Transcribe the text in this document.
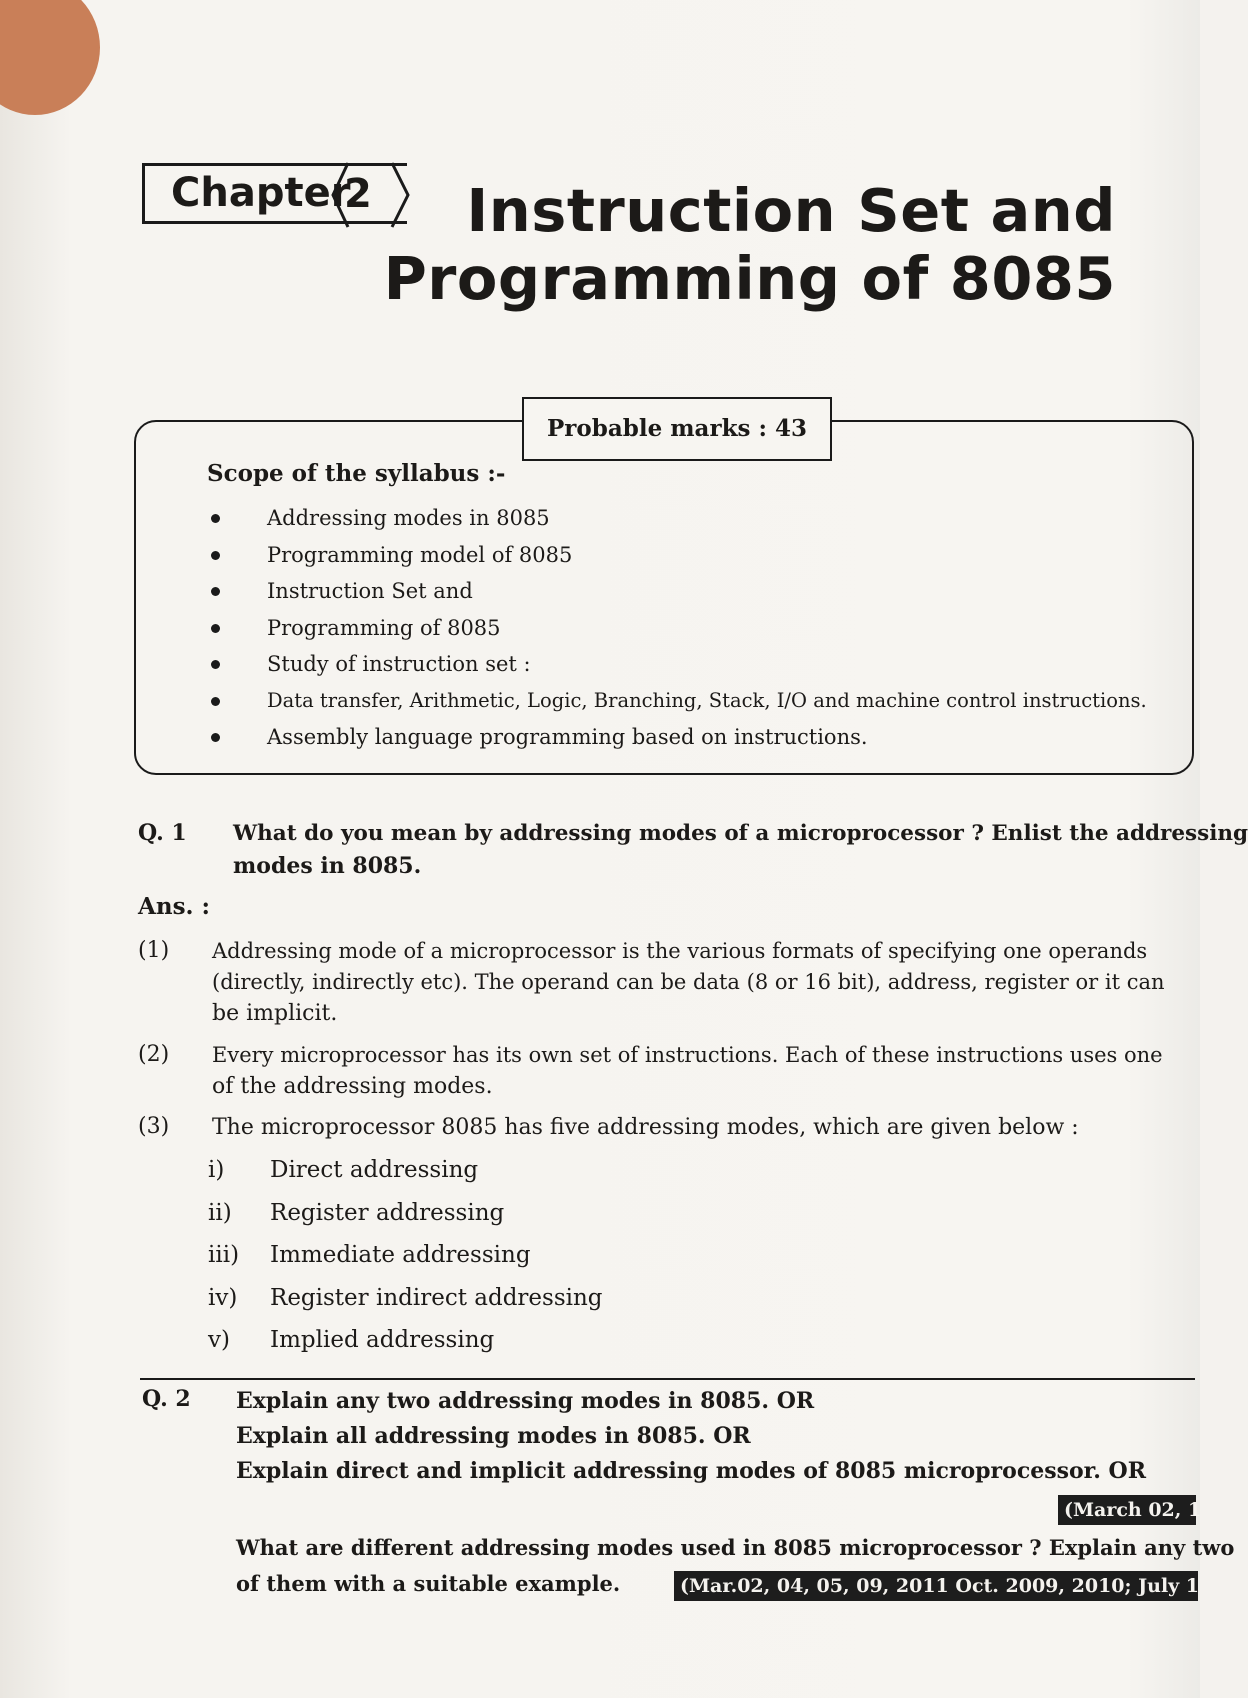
Chapter
2	Instruction Set and
Programming of 8085
Probable marks : 43
Scope of the syllabus :-
Addressing modes in 8085
Programming model of 8085
Instruction Set and
Programming of 8085
Study of instruction set :
Data transfer, Arithmetic, Logic, Branching, Stack, I/O and machine control instructions.
Assembly language programming based on instructions.
Q. 1 What do you mean by addressing modes of a microprocessor ? Enlist the addressing
modes in 8085.
Ans. :
(1) Addressing mode of a microprocessor is the various formats of specifying one operands
(directly, indirectly etc). The operand can be data (8 or 16 bit), address, register or it can
be implicit.
(2) Every microprocessor has its own set of instructions. Each of these instructions uses one
of the addressing modes.
(3) The microprocessor 8085 has five addressing modes, which are given below :
i) Direct addressing
ii) Register addressing
iii) Immediate addressing
iv) Register indirect addressing
v) Implied addressing
Q. 2 Explain any two addressing modes in 8085. OR
Explain all addressing modes in 8085. OR
Explain direct and implicit addressing modes of 8085 microprocessor. OR
(March 02, 18
What are different addressing modes used in 8085 microprocessor ? Explain any two
of them with a suitable example.	(Mar.02, 04, 05, 09, 2011 Oct. 2009, 2010; July 17
